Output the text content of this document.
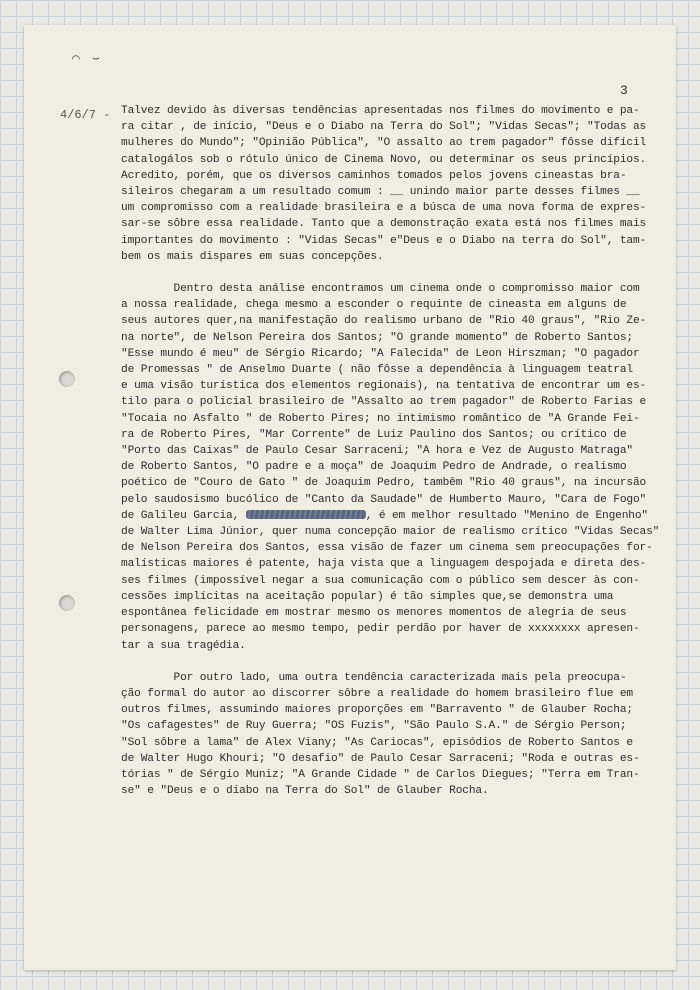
⌒ ⌣
3
4/6/7 - Talvez devido às diversas tendências apresentadas nos filmes do movimento e pa-
ra citar , de início, "Deus e o Diabo na Terra do Sol"; "Vidas Secas"; "Todas as
mulheres do Mundo"; "Opinião Pública", "O assalto ao trem pagador" fôsse difícil
catalogálos sob o rótulo único de Cinema Novo, ou determinar os seus princípios.
Acredito, porém, que os diversos caminhos tomados pelos jovens cineastas bra-
sileiros chegaram a um resultado comum : __ unindo maior parte desses filmes __
um compromisso com a realidade brasileira e a búsca de uma nova forma de expres-
sar-se sôbre essa realidade. Tanto que a demonstração exata está nos filmes mais
importantes do movimento : "Vidas Secas" e"Deus e o Diabo na terra do Sol", tam-
bem os mais dispares em suas concepções.

Dentro desta análise encontramos um cinema onde o compromisso maior com
a nossa realidade, chega mesmo a esconder o requinte de cineasta em alguns de
seus autores quer,na manifestação do realismo urbano de "Rio 40 graus", "Rio Ze-
na norte", de Nelson Pereira dos Santos; "O grande momento" de Roberto Santos;
"Esse mundo é meu" de Sérgio Ricardo; "A Falecida" de Leon Hirszman; "O pagador
de Promessas " de Anselmo Duarte ( não fôsse a dependência à linguagem teatral
e uma visão turística dos elementos regionais), na tentativa de encontrar um es-
tilo para o policial brasileiro de "Assalto ao trem pagador" de Roberto Farias e
"Tocaia no Asfalto " de Roberto Pires; no intimismo romântico de "A Grande Fei-
ra de Roberto Pires, "Mar Corrente" de Luiz Paulino dos Santos; ou crítico de
"Porto das Caixas" de Paulo Cesar Sarraceni; "A hora e Vez de Augusto Matraga"
de Roberto Santos, "O padre e a moça" de Joaquim Pedro de Andrade, o realismo
poético de "Couro de Gato " de Joaquim Pedro, tambêm "Rio 40 graus", na incursão
pelo saudosismo bucólico de "Canto da Saudade" de Humberto Mauro, "Cara de Fogo"
de Galileu Garcia,	, é em melhor resultado "Menino de Engenho"
de Walter Lima Júnior, quer numa concepção maior de realismo crítico "Vidas Secas"
de Nelson Pereira dos Santos, essa visão de fazer um cinema sem preocupações for-
malísticas maiores é patente, haja vista que a linguagem despojada e direta des-
ses filmes (impossível negar a sua comunicação com o público sem descer às con-
cessões implícitas na aceitação popular) é tão simples que,se demonstra uma
espontânea felicidade em mostrar mesmo os menores momentos de alegria de seus
personagens, parece ao mesmo tempo, pedir perdão por haver de xxxxxxxx apresen-
tar a sua tragédia.

Por outro lado, uma outra tendência caracterizada mais pela preocupa-
ção formal do autor ao discorrer sôbre a realidade do homem brasileiro flue em
outros filmes, assumindo maiores proporções em "Barravento " de Glauber Rocha;
"Os cafagestes" de Ruy Guerra; "OS Fuzis", "São Paulo S.A." de Sérgio Person;
"Sol sôbre a lama" de Alex Viany; "As Cariocas", episódios de Roberto Santos e
de Walter Hugo Khouri; "O desafio" de Paulo Cesar Sarraceni; "Roda e outras es-
tórias " de Sérgio Muniz; "A Grande Cidade " de Carlos Diegues; "Terra em Tran-
se" e "Deus e o diabo na Terra do Sol" de Glauber Rocha.
